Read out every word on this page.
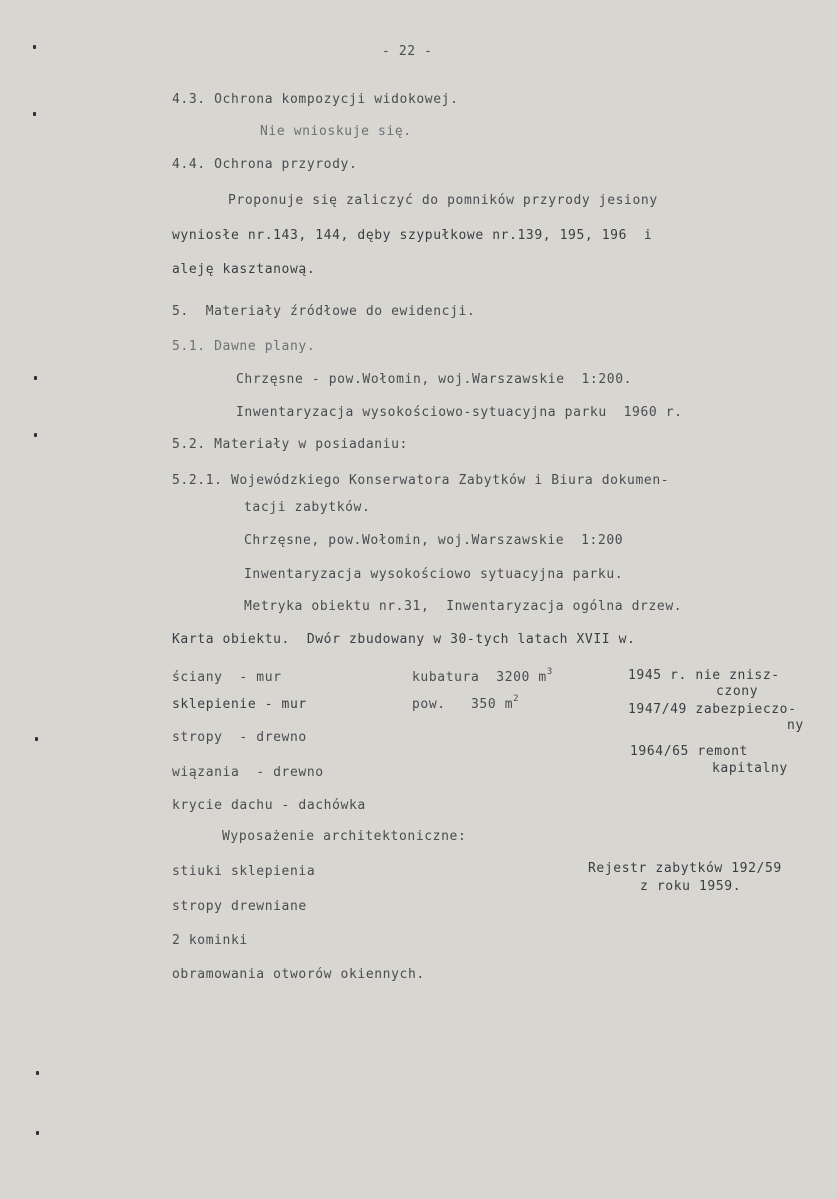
- 22 -
4.3. Ochrona kompozycji widokowej.
Nie wnioskuje się.
4.4. Ochrona przyrody.
Proponuje się zaliczyć do pomników przyrody jesiony
wyniosłe nr.143, 144, dęby szypułkowe nr.139, 195, 196  i
aleję kasztanową.
5.  Materiały źródłowe do ewidencji.
5.1. Dawne plany.
Chrzęsne - pow.Wołomin, woj.Warszawskie  1:200.
Inwentaryzacja wysokościowo-sytuacyjna parku  1960 r.
5.2. Materiały w posiadaniu:
5.2.1. Wojewódzkiego Konserwatora Zabytków i Biura dokumen-
tacji zabytków.
Chrzęsne, pow.Wołomin, woj.Warszawskie  1:200
Inwentaryzacja wysokościowo sytuacyjna parku.
Metryka obiektu nr.31,  Inwentaryzacja ogólna drzew.
Karta obiektu.  Dwór zbudowany w 30-tych latach XVII w.
ściany  - mur
sklepienie - mur
stropy  - drewno
wiązania  - drewno
krycie dachu - dachówka
kubatura  3200 $m^3$
pow.   350 $m^2$
1945 r. nie znisz-
czony
1947/49 zabezpieczo-
ny
1964/65 remont
kapitalny
Wyposażenie architektoniczne:
stiuki sklepienia
stropy drewniane
2 kominki
obramowania otworów okiennych.
Rejestr zabytków 192/59
z roku 1959.
